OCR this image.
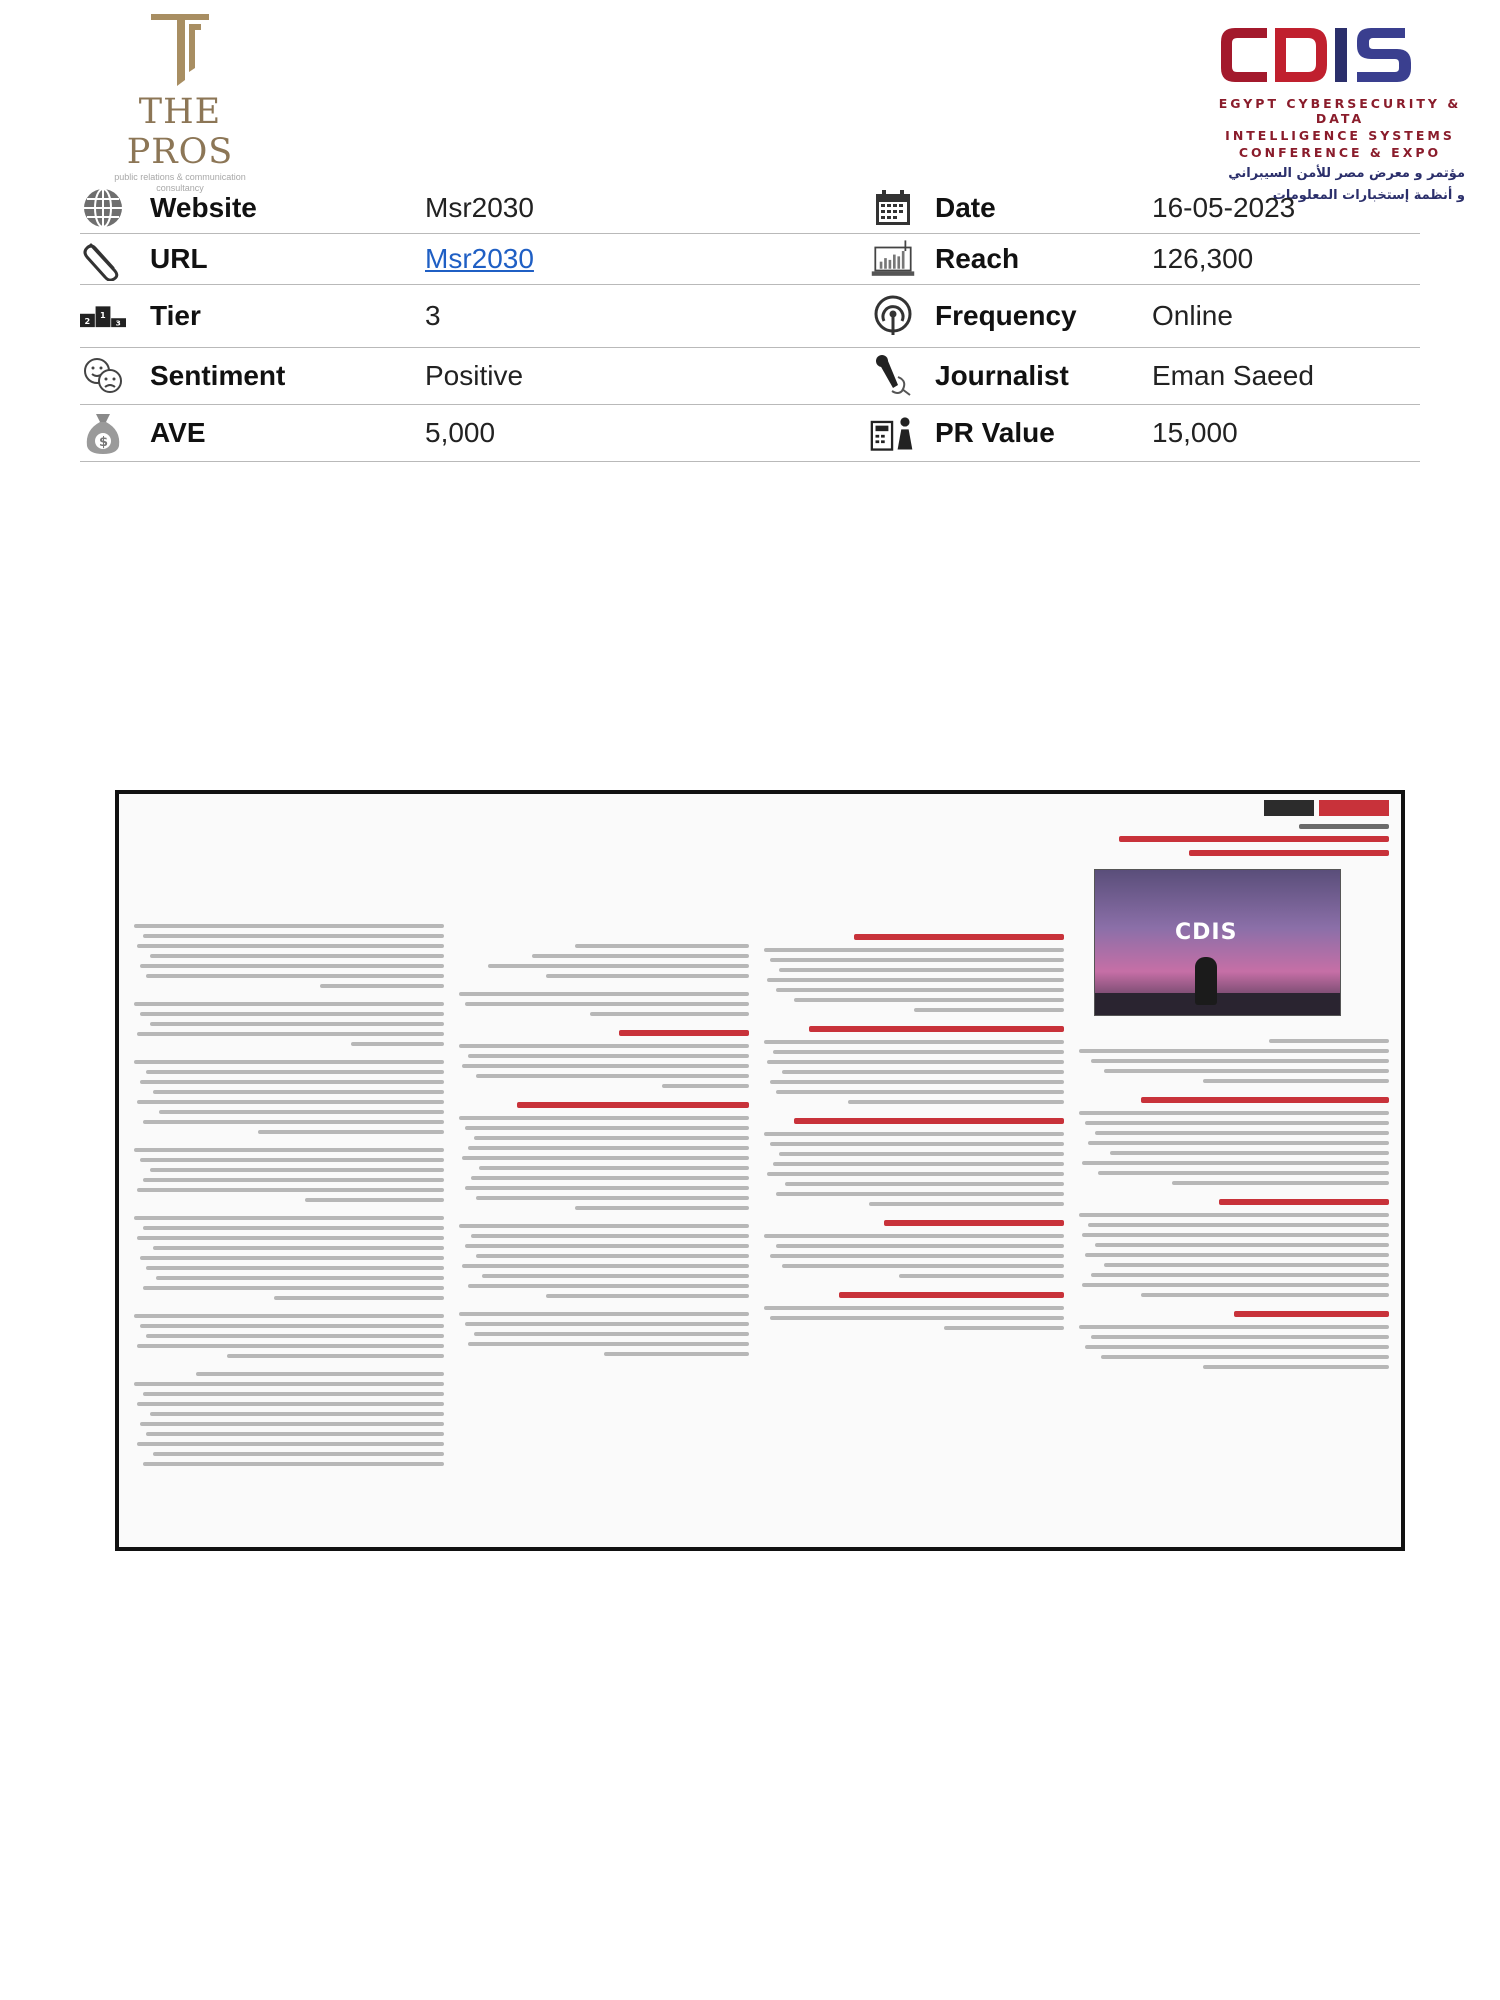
THE PROS
public relations & communication
consultancy
EGYPT CYBERSECURITY & DATA
INTELLIGENCE SYSTEMS
CONFERENCE & EXPO
مؤتمر و معرض مصر للأمن السيبراني
و أنظمة إستخبارات المعلومات
Website	Msr2030	Date	16-05-2023
URL	Msr2030	Reach	126,300
2
1
3 Tier	3	Frequency	Online
Sentiment	Positive	Journalist	Eman Saeed
$ AVE	5,000	PR Value	15,000
CDIS
